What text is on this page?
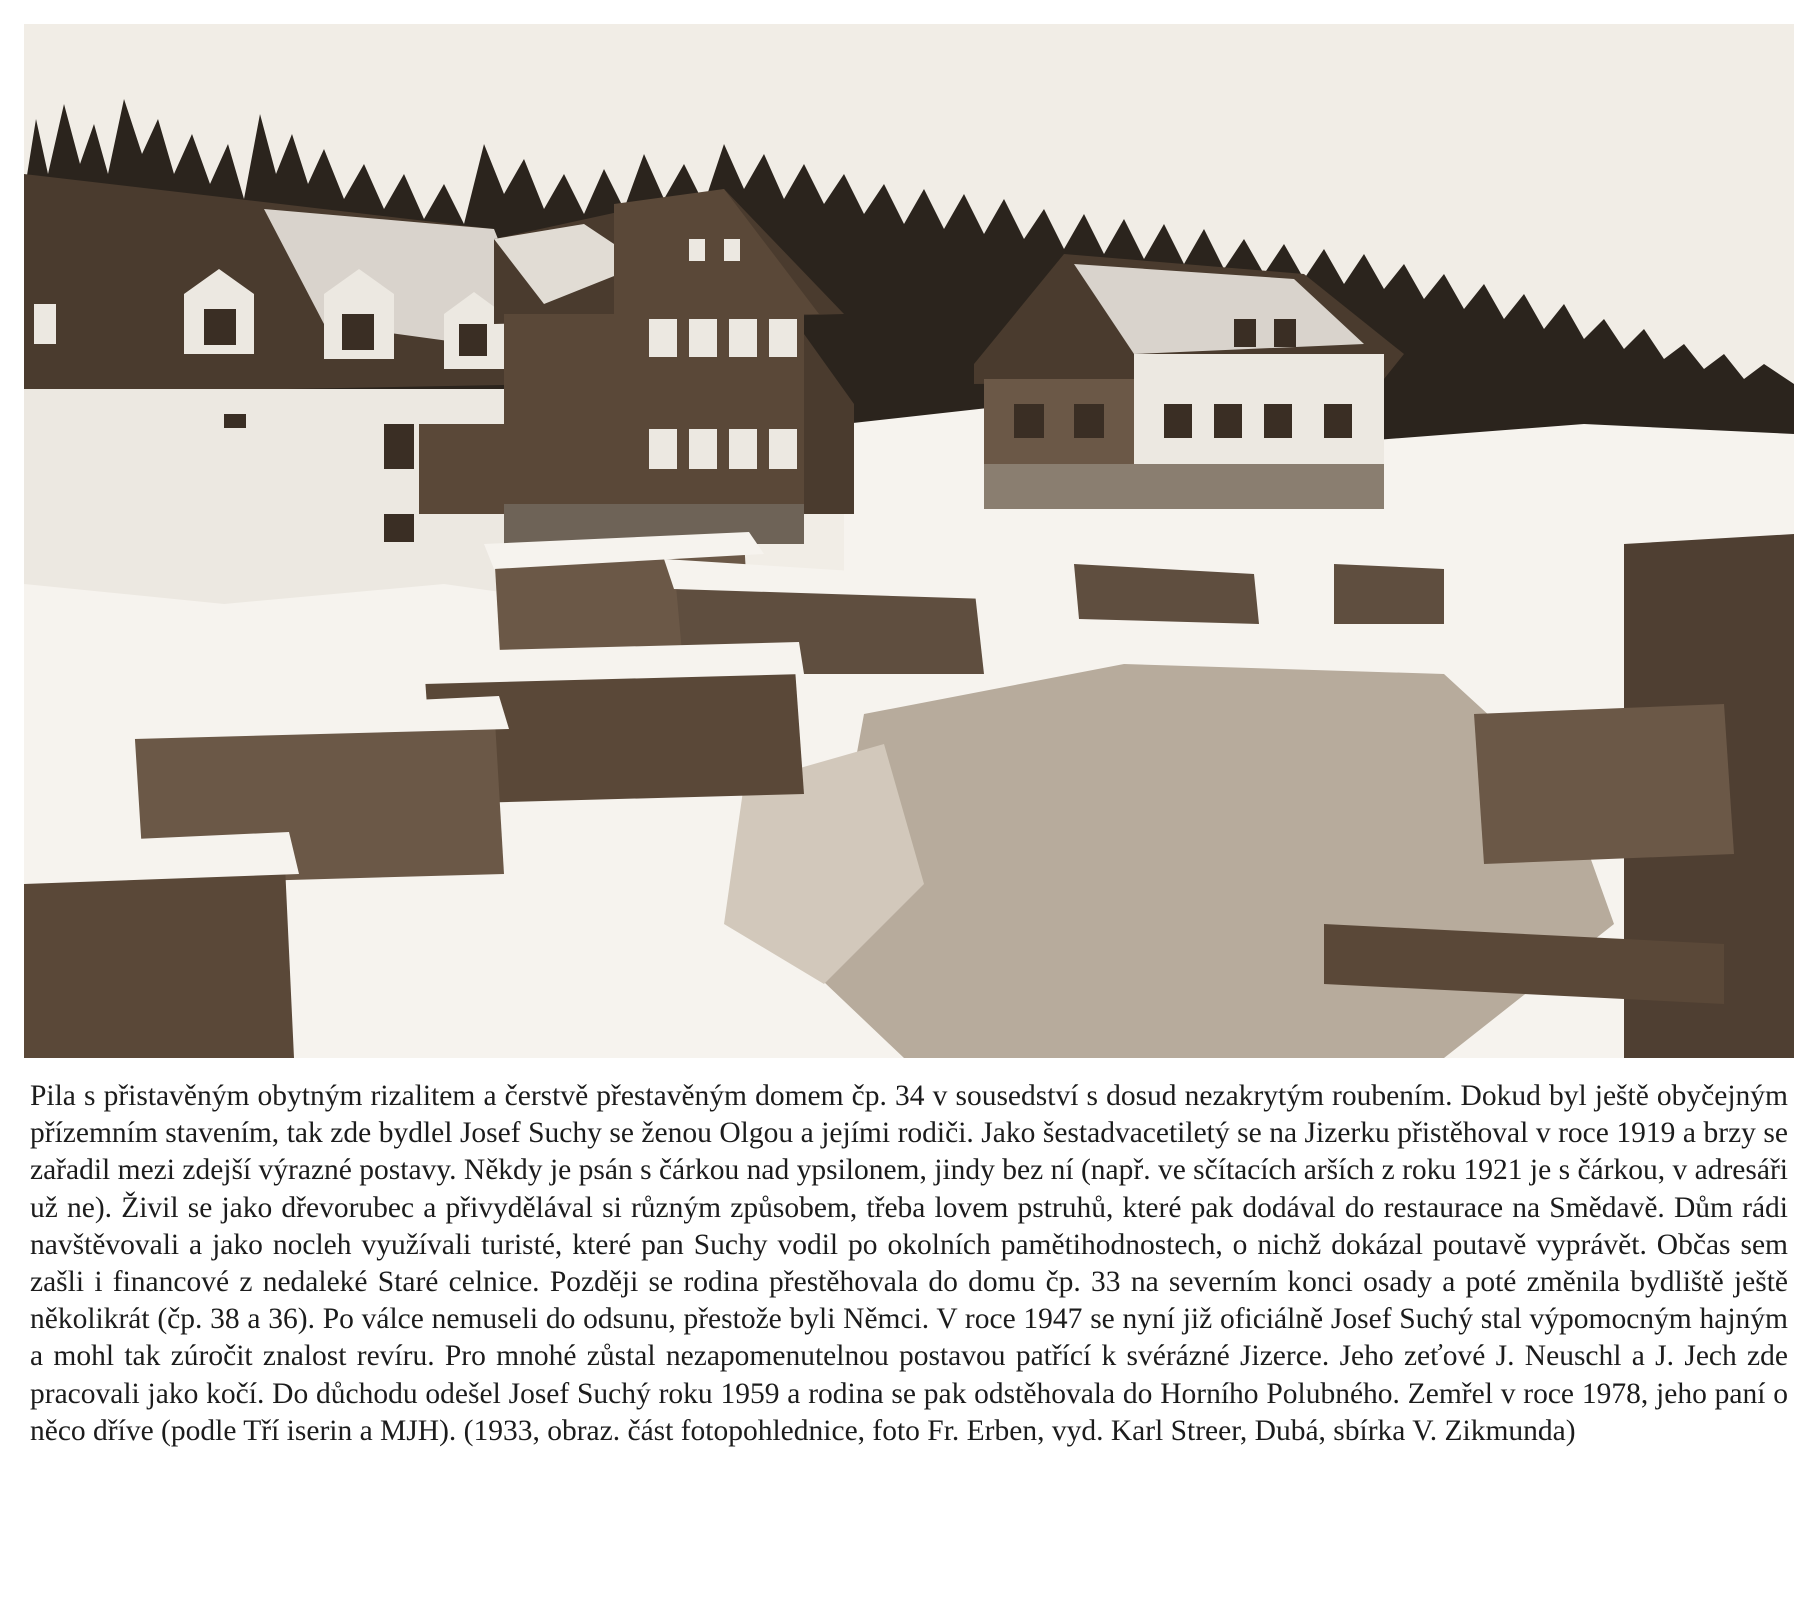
Pila s přistavěným obytným rizalitem a čerstvě přestavěným domem čp. 34 v sousedství s dosud nezakrytým roubením. Dokud byl ještě obyčejným přízemním stavením, tak zde bydlel Josef Suchy se ženou Olgou a jejími rodiči. Jako šestadvacetiletý se na Jizerku přistěhoval v roce 1919 a brzy se zařadil mezi zdejší výrazné postavy. Někdy je psán s čárkou nad ypsilonem, jindy bez ní (např. ve sčítacích arších z roku 1921 je s čárkou, v adresáři už ne). Živil se jako dřevorubec a přivydělával si různým způsobem, třeba lovem pstruhů, které pak dodával do restaurace na Smědavě. Dům rádi navštěvovali a jako nocleh využívali turisté, které pan Suchy vodil po okolních pamětihodnostech, o nichž dokázal poutavě vyprávět. Občas sem zašli i financové z nedaleké Staré celnice. Později se rodina přestěhovala do domu čp. 33 na severním konci osady a poté změnila bydliště ještě několikrát (čp. 38 a 36). Po válce nemuseli do odsunu, přestože byli Němci. V roce 1947 se nyní již oficiálně Josef Suchý stal výpomocným hajným a mohl tak zúročit znalost revíru. Pro mnohé zůstal nezapomenutelnou postavou patřící k svérázné Jizerce. Jeho zeťové J. Neuschl a J. Jech zde pracovali jako kočí. Do důchodu odešel Josef Suchý roku 1959 a rodina se pak odstěhovala do Horního Polubného. Zemřel v roce 1978, jeho paní o něco dříve (podle Tří iserin a MJH). (1933, obraz. část fotopohlednice, foto Fr. Erben, vyd. Karl Streer, Dubá, sbírka V. Zikmunda)
